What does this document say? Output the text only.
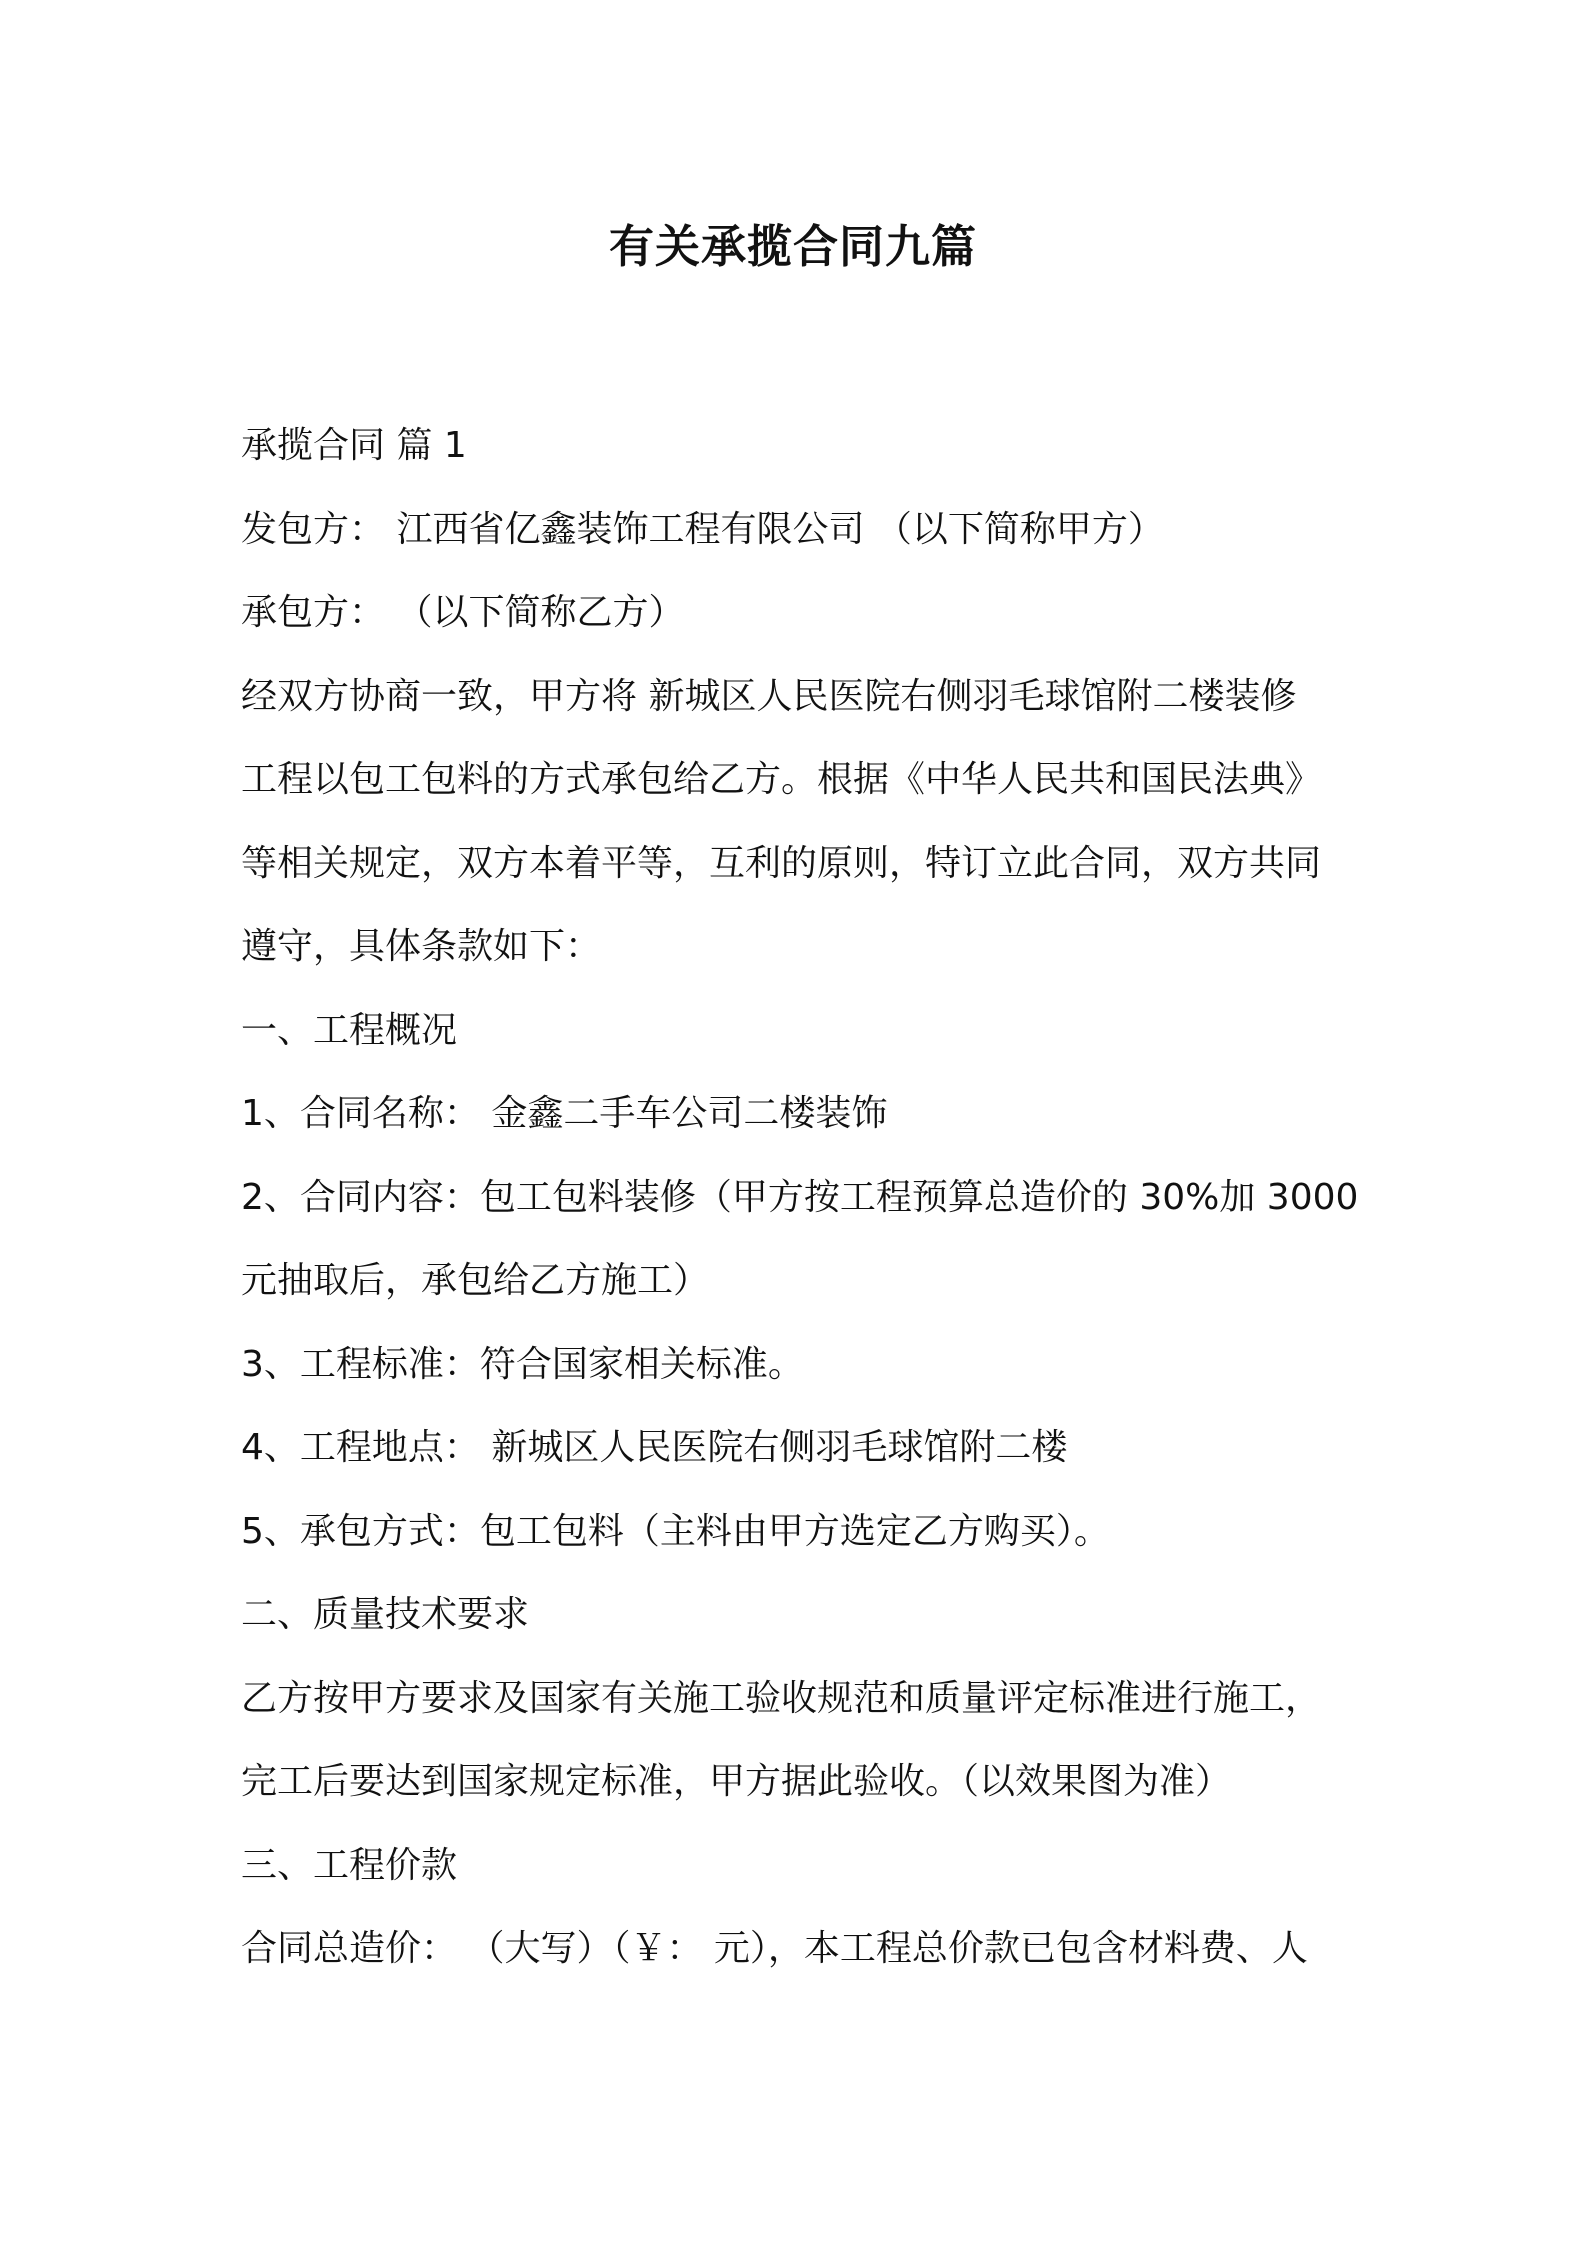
有关承揽合同九篇
承揽合同 篇 1
发包方： 江西省亿鑫装饰工程有限公司 （以下简称甲方）
承包方： （以下简称乙方）
经双方协商一致，甲方将 新城区人民医院右侧羽毛球馆附二楼装修
工程以包工包料的方式承包给乙方。根据《中华人民共和国民法典》
等相关规定，双方本着平等，互利的原则，特订立此合同，双方共同
遵守，具体条款如下：
一、工程概况
1、合同名称： 金鑫二手车公司二楼装饰
2、合同内容：包工包料装修（甲方按工程预算总造价的 30%加 3000
元抽取后，承包给乙方施工）
3、工程标准：符合国家相关标准。
4、工程地点： 新城区人民医院右侧羽毛球馆附二楼
5、承包方式：包工包料（主料由甲方选定乙方购买）。
二、质量技术要求
乙方按甲方要求及国家有关施工验收规范和质量评定标准进行施工，
完工后要达到国家规定标准，甲方据此验收。（以效果图为准）
三、工程价款
合同总造价： （大写）（￥： 元），本工程总价款已包含材料费、人
